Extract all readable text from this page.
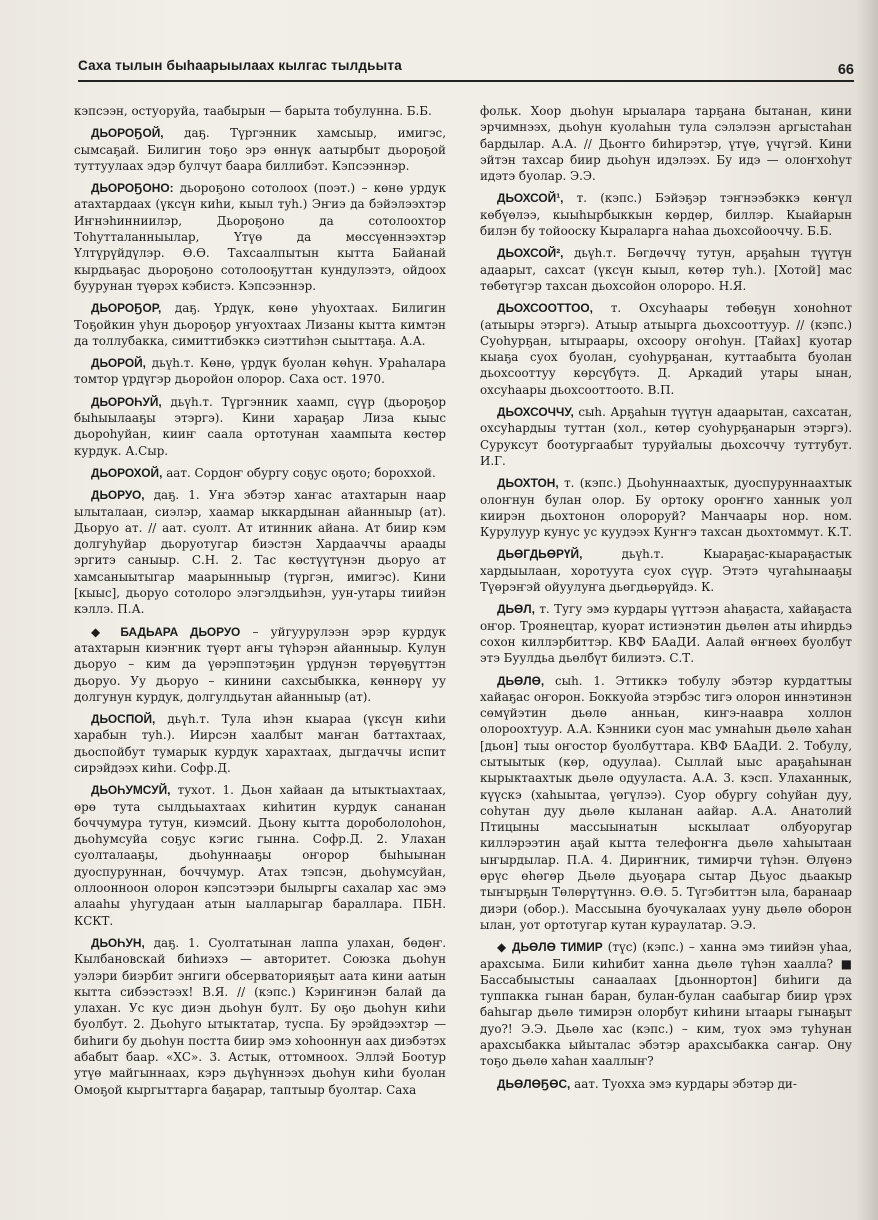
Саха тылын быһаарыылаах кылгас тылдьыта	66

кэпсээн, остуоруйа, таабырын — барыта тобулунна. Б.Б.

ДЬОРОҔОЙ, даҕ. Түргэнник хамсыыр, имигэс, сымсаҕай. Билигин тоҕо эрэ өннүк аатырбыт дьороҕой туттуулаах эдэр булчут баара биллибэт. Кэпсээннэр.

ДЬОРОҔОНО: дьороҕоно сотолоох (поэт.) – көнө урдук атахтардаах (үксүн киһи, кыыл туһ.) Эҥиэ да бэйэлээхтэр Иҥнэһинниилэр, Дьороҕоно да сотолоохтор Тоһутталанныылар, Үтүө да мөссүөннээхтэр Үлтүрүйдүлэр. Ө.Ө. Тахсаалпытын кытта Байанай кырдьаҕас дьороҕоно сотолооҕуттан кундулээтэ, ойдоох буурунан түөрэх кэбистэ. Кэпсээннэр.

ДЬОРОҔОР, даҕ. Үрдүк, көнө уһуохтаах. Билигин Тоҕойкин уһун дьороҕор уҥуохтаах Лизаны кытта кимтэн да толлубакка, симиттибэккэ сиэттиһэн сыыттаҕа. А.А.

ДЬОРОЙ, дьүһ.т. Көнө, үрдүк буолан көһүн. Ураһалара томтор үрдүгэр дьоройон олорор. Саха ост. 1970.

ДЬОРОҺУЙ, дьүһ.т. Түргэнник хаамп, сүүр (дьороҕор быһыылааҕы этэргэ). Кини хараҕар Лиза кыыс дьороһуйан, кииҥ саала ортотунан хаампыта көстөр курдук. А.Сыр.

ДЬОРОХОЙ, аат. Сордоҥ обургу соҕус оҕото; бороххой.

ДЬОРУО, даҕ. 1. Уҥа эбэтэр хаҥас атахтарын наар ылыталаан, сиэлэр, хаамар ыккардынан айанныыр (ат). Дьоруо ат. // аат. суолт. Ат итинник айана. Ат биир кэм долгуһуйар дьоруотугар биэстэн Хардааччы араады эргитэ саныыр. С.Н. 2. Тас көстүүтүнэн дьоруо ат хамсаныытыгар маарынныыр (түргэн, имигэс). Кини [кыыс], дьоруо сотолоро элэгэлдьиһэн, уун-утары тиийэн кэллэ. П.А.

◆ БАДЬАРА ДЬОРУО – уйгуурулээн эрэр курдук атахтарын киэҥник түөрт аҥы түһэрэн айанныыр. Кулун дьоруо – ким да үөрэппэтэҕин үрдүнэн төрүөҕүттэн дьоруо. Уу дьоруо – кинини сахсыбыкка, көннөрү уу долгунун курдук, долгулдьутан айанныыр (ат).

ДЬОСПОЙ, дьүһ.т. Тула иһэн кыараа (үксүн киһи харабын туһ.). Иирсэн хаалбыт маҥан баттахтаах, дьоспойбут тумарык курдук харахтаах, дыгдаччы испит сирэйдээх киһи. Софр.Д.

ДЬОҺУМСУЙ, тухот. 1. Дьон хайаан да ытыктыахтаах, өрө тута сылдьыахтаах киһитин курдук сананан боччумура тутун, киэмсий. Дьону кытта доробололоһон, дьоһумсуйа соҕус кэгис гынна. Софр.Д. 2. Улахан суолталааҕы, дьоһуннааҕы оҥорор быһыынан дуоспуруннан, боччумур. Атах тэпсэн, дьоһумсуйан, оллоонноон олорон кэпсэтээри былыргы сахалар хас эмэ алааһы уһугудаан атын ыалларыгар бараллара. ПБН. КСКТ.

ДЬОҺУН, даҕ. 1. Суолтатынан лаппа улахан, бөдөҥ. Кылбановскай биһиэхэ — авторитет. Союзка дьоһун уэлэри биэрбит энгиги обсерваторияҕыт аата кини аатын кытта сибээстээх! В.Я. // (кэпс.) Кэриҥинэн балай да улахан. Ус кус диэн дьоһун булт. Бу оҕо дьоһун киһи буолбут. 2. Дьоһуго ытыктатар, туспа. Бу эрэйдээхтэр — биһиги бу дьоһун постта биир эмэ хоһооннун аах диэбэтэх абабыт баар. «ХС». 3. Астык, оттомноох. Эллэй Боотур утүө майгыннаах, кэрэ дьүһүннээх дьоһун киһи буолан Омоҕой кыргыттарга баҕарар, таптыыр буолтар. Саха

фольк. Хоор дьоһун ырыалара тарҕана бытанан, кини эрчимнээх, дьоһун куолаһын тула сэлэлээн аргыстаһан бардылар. А.А. // Дьоҥго биһирэтэр, үтүө, үчүгэй. Кини эйтэн тахсар биир дьоһун идэлээх. Бу идэ — олоҥхоһут идэтэ буолар. Э.Э.

ДЬОХСОЙ¹, т. (кэпс.) Бэйэҕэр тэҥнээбэккэ көҥүл көбүөлээ, кыыһырбыккын көрдөр, биллэр. Кыайарын билэн бу тойооску Кыраларга наһаа дьохсойооччу. Б.Б.

ДЬОХСОЙ², дьүһ.т. Бөгдөччү тутун, арҕаһын түүтүн адаарыт, сахсат (үксүн кыыл, көтөр туһ.). [Хотой] мас төбөтүгэр тахсан дьохсойон олороро. Н.Я.

ДЬОХСООТТОО, т. Охсуһаары төбөҕүн хоноһнот (атыыры этэргэ). Атыыр атыырга дьохсооттуур. // (кэпс.) Суоһурҕан, ытыраары, охсоору оҥоһун. [Тайах] куотар кыаҕа суох буолан, суоһурҕанан, куттаабыта буолан дьохсооттуу көрсүбүтэ. Д. Аркадий утары ынан, охсуһаары дьохсооттоото. В.П.

ДЬОХСОЧЧУ, сыһ. Арҕаһын түүтүн адаарытан, сахсатан, охсуһардыы туттан (хол., көтөр суоһурҕанарын этэргэ). Суруксут боотургаабыт туруйалыы дьохсоччу туттубут. И.Г.

ДЬОХТОН, т. (кэпс.) Дьоһуннаахтык, дуоспуруннаахтык олоҥнун булан олор. Бу ортоку ороҥҥо ханнык уол киирэн дьохтонон олороруй? Манчаары нор. ном. Курулуур кунус ус куудээх Куҥҥэ тахсан дьохтоммут. К.Т.

ДЬӨГДЬӨРҮЙ,	дьүһ.т. Кыараҕас-кыараҕастык хардыылаан, хоротуута суох сүүр. Этэтэ чугаһынааҕы Түөрэҥэй ойуулуҥа дьөгдьөрүйдэ. К.

ДЬӨЛ, т. Тугу эмэ курдары үүттээн аһаҕаста, хайаҕаста оҥор. Троянецтар, куорат истиэнэтин дьөлөн аты иһирдьэ сохон киллэрбиттэр. КВФ БАаДИ. Аалай өҥнөөх буолбут этэ Буулдьа дьөлбүт билиэтэ. С.Т.

ДЬӨЛӨ, сыһ. 1. Эттиккэ тобулу эбэтэр курдаттыы хайаҕас оҥорон. Боккуойа этэрбэс тигэ олорон иннэтинэн сөмүйэтин дьөлө анньан, киҥэ-наавра холлон олороохтуур. А.А. Кэнники суон мас умнаһын дьөлө хаһан [дьон] тыы оҥостор буолбуттара. КВФ БАаДИ. 2. Тобулу, сытыытык (көр, одуулаа). Сыллай ыыс араҕаһынан кырыктаахтык дьөлө одууласта. А.А. 3. кэсп. Улаханнык, күүскэ (хаһыытаа, үөгүлээ). Суор обургу соһуйан дуу, соһутан дуу дьөлө кыланан аайар. А.А. Анатолий Птицыны массыынатын ыскылаат олбуоругар киллэрээтин аҕай кытта телефоҥҥа дьөлө хаһыытаан ыҥырдылар. П.А. 4. Дириҥник, тимирчи түһэн. Өлүөнэ өрүс өһөгөр Дьөлө дьуоҕара сытар Дьуос дьаакыр тыҥырҕын Төлөрүтүннэ. Ө.Ө. 5. Түгэбиттэн ыла, баранаар диэри (обор.). Массыына буочукалаах ууну дьөлө оборон ылан, уот ортотугар кутан кураулатар. Э.Э.

◆ ДЬӨЛӨ ТИМИР (түс) (кэпс.) – ханна эмэ тиийэн уһаа, арахсыма. Били киһибит ханна дьөлө түһэн хаалла? ■ Бассабыыстыы санаалаах [дьоннортон] биһиги да туппакка гынан баран, булан-булан саабыгар биир үрэх баһыгар дьөлө тимирэн олорбут киһини ытаары гынаҕыт дуо?! Э.Э. Дьөлө хас (кэпс.) – ким, туох эмэ туһунан арахсыбакка ыйыталас эбэтэр арахсыбакка саҥар. Ону тоҕо дьөлө хаһан хааллыҥ?

ДЬӨЛӨҔӨС, аат. Туохха эмэ курдары эбэтэр ди-
